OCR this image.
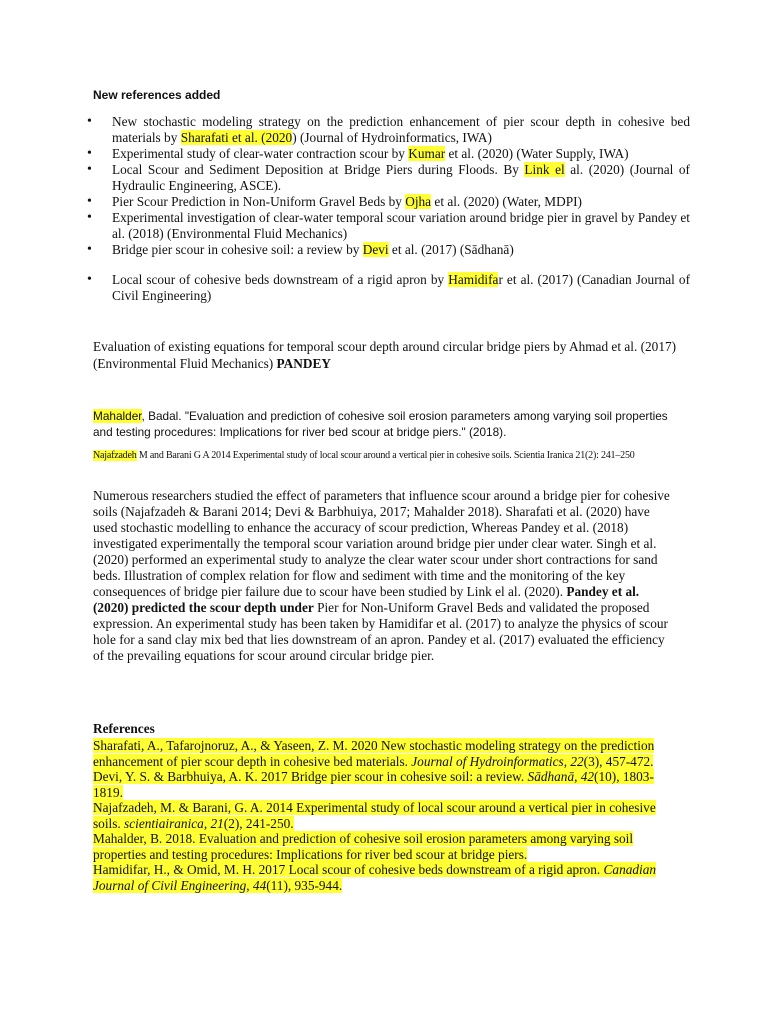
New references added

• New stochastic modeling strategy on the prediction enhancement of pier scour depth in cohesive bed materials by Sharafati et al. (2020) (Journal of Hydroinformatics, IWA)
• Experimental study of clear-water contraction scour by Kumar et al. (2020) (Water Supply, IWA)
• Local Scour and Sediment Deposition at Bridge Piers during Floods. By Link el al. (2020) (Journal of Hydraulic Engineering, ASCE).
• Pier Scour Prediction in Non-Uniform Gravel Beds by Ojha et al. (2020) (Water, MDPI)
• Experimental investigation of clear-water temporal scour variation around bridge pier in gravel by Pandey et al. (2018) (Environmental Fluid Mechanics)
• Bridge pier scour in cohesive soil: a review by Devi et al. (2017) (Sādhanā)
• Local scour of cohesive beds downstream of a rigid apron by Hamidifar et al. (2017) (Canadian Journal of Civil Engineering)

Evaluation of existing equations for temporal scour depth around circular bridge piers by Ahmad et al. (2017) (Environmental Fluid Mechanics) PANDEY

Mahalder, Badal. "Evaluation and prediction of cohesive soil erosion parameters among varying soil properties and testing procedures: Implications for river bed scour at bridge piers." (2018).

Najafzadeh M and Barani G A 2014 Experimental study of local scour around a vertical pier in cohesive soils. Scientia Iranica 21(2): 241–250

Numerous researchers studied the effect of parameters that influence scour around a bridge pier for cohesive soils (Najafzadeh & Barani 2014; Devi & Barbhuiya, 2017; Mahalder 2018). Sharafati et al. (2020) have used stochastic modelling to enhance the accuracy of scour prediction, Whereas Pandey et al. (2018) investigated experimentally the temporal scour variation around bridge pier under clear water. Singh et al. (2020) performed an experimental study to analyze the clear water scour under short contractions for sand beds. Illustration of complex relation for flow and sediment with time and the monitoring of the key consequences of bridge pier failure due to scour have been studied by Link el al. (2020). Pandey et al. (2020) predicted the scour depth under Pier for Non-Uniform Gravel Beds and validated the proposed expression. An experimental study has been taken by Hamidifar et al. (2017) to analyze the physics of scour hole for a sand clay mix bed that lies downstream of an apron. Pandey et al. (2017) evaluated the efficiency of the prevailing equations for scour around circular bridge pier.

References

Sharafati, A., Tafarojnoruz, A., & Yaseen, Z. M. 2020 New stochastic modeling strategy on the prediction enhancement of pier scour depth in cohesive bed materials. Journal of Hydroinformatics, 22(3), 457-472.

Devi, Y. S. & Barbhuiya, A. K. 2017 Bridge pier scour in cohesive soil: a review. Sādhanā, 42(10), 1803-1819.

Najafzadeh, M. & Barani, G. A. 2014 Experimental study of local scour around a vertical pier in cohesive soils. scientiairanica, 21(2), 241-250.

Mahalder, B. 2018. Evaluation and prediction of cohesive soil erosion parameters among varying soil properties and testing procedures: Implications for river bed scour at bridge piers.

Hamidifar, H., & Omid, M. H. 2017 Local scour of cohesive beds downstream of a rigid apron. Canadian Journal of Civil Engineering, 44(11), 935-944.
